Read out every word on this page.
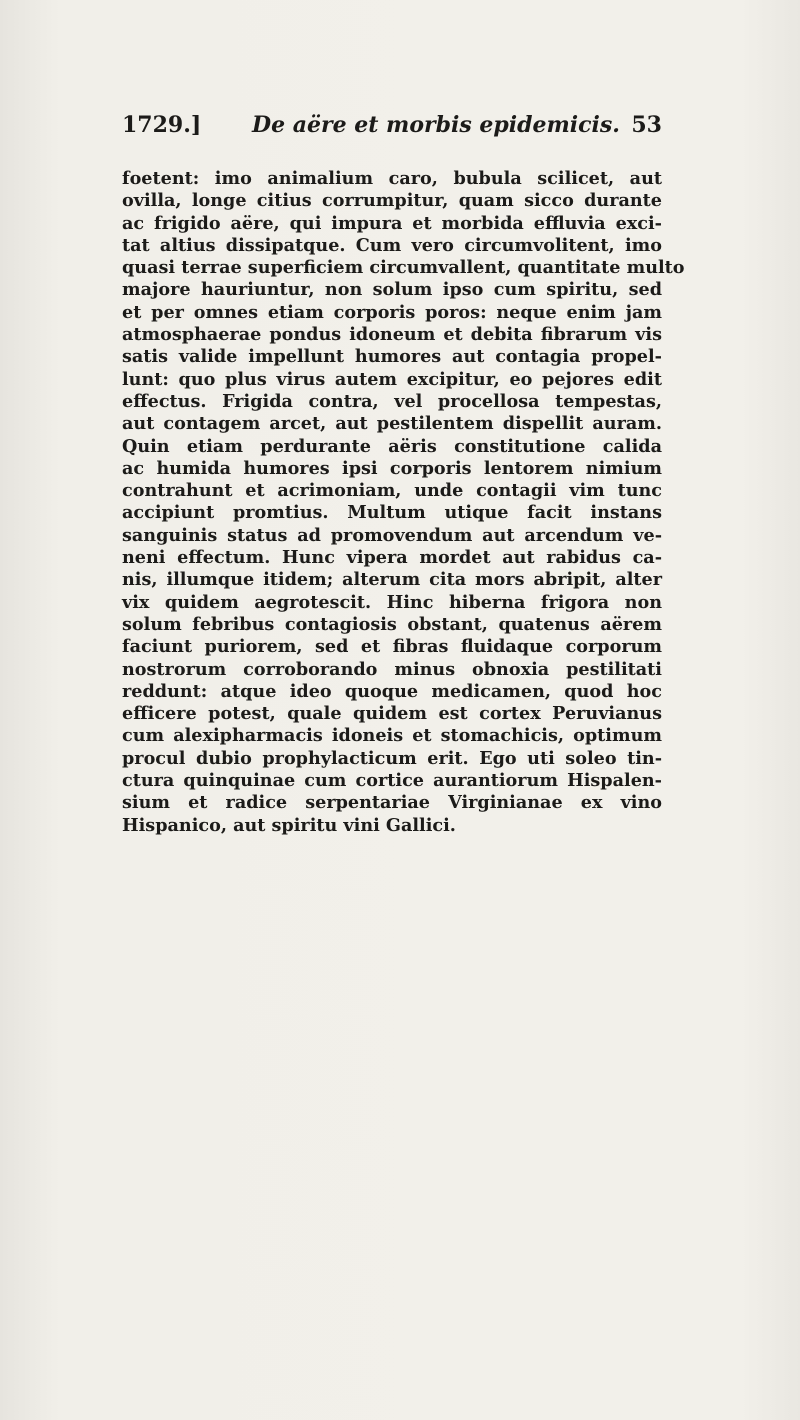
1729.] De aëre et morbis epidemicis. 53
foetent: imo animalium caro, bubula scilicet, aut
ovilla, longe citius corrumpitur, quam sicco durante
ac frigido aëre, qui impura et morbida effluvia exci-
tat altius dissipatque. Cum vero circumvolitent, imo
quasi terrae superficiem circumvallent, quantitate multo
majore hauriuntur, non solum ipso cum spiritu, sed
et per omnes etiam corporis poros: neque enim jam
atmosphaerae pondus idoneum et debita fibrarum vis
satis valide impellunt humores aut contagia propel-
lunt: quo plus virus autem excipitur, eo pejores edit
effectus. Frigida contra, vel procellosa tempestas,
aut contagem arcet, aut pestilentem dispellit auram.
Quin etiam perdurante aëris constitutione calida
ac humida humores ipsi corporis lentorem nimium
contrahunt et acrimoniam, unde contagii vim tunc
accipiunt promtius. Multum utique facit instans
sanguinis status ad promovendum aut arcendum ve-
neni effectum. Hunc vipera mordet aut rabidus ca-
nis, illumque itidem; alterum cita mors abripit, alter
vix quidem aegrotescit. Hinc hiberna frigora non
solum febribus contagiosis obstant, quatenus aërem
faciunt puriorem, sed et fibras fluidaque corporum
nostrorum corroborando minus obnoxia pestilitati
reddunt: atque ideo quoque medicamen, quod hoc
efficere potest, quale quidem est cortex Peruvianus
cum alexipharmacis idoneis et stomachicis, optimum
procul dubio prophylacticum erit. Ego uti soleo tin-
ctura quinquinae cum cortice aurantiorum Hispalen-
sium et radice serpentariae Virginianae ex vino
Hispanico, aut spiritu vini Gallici.
